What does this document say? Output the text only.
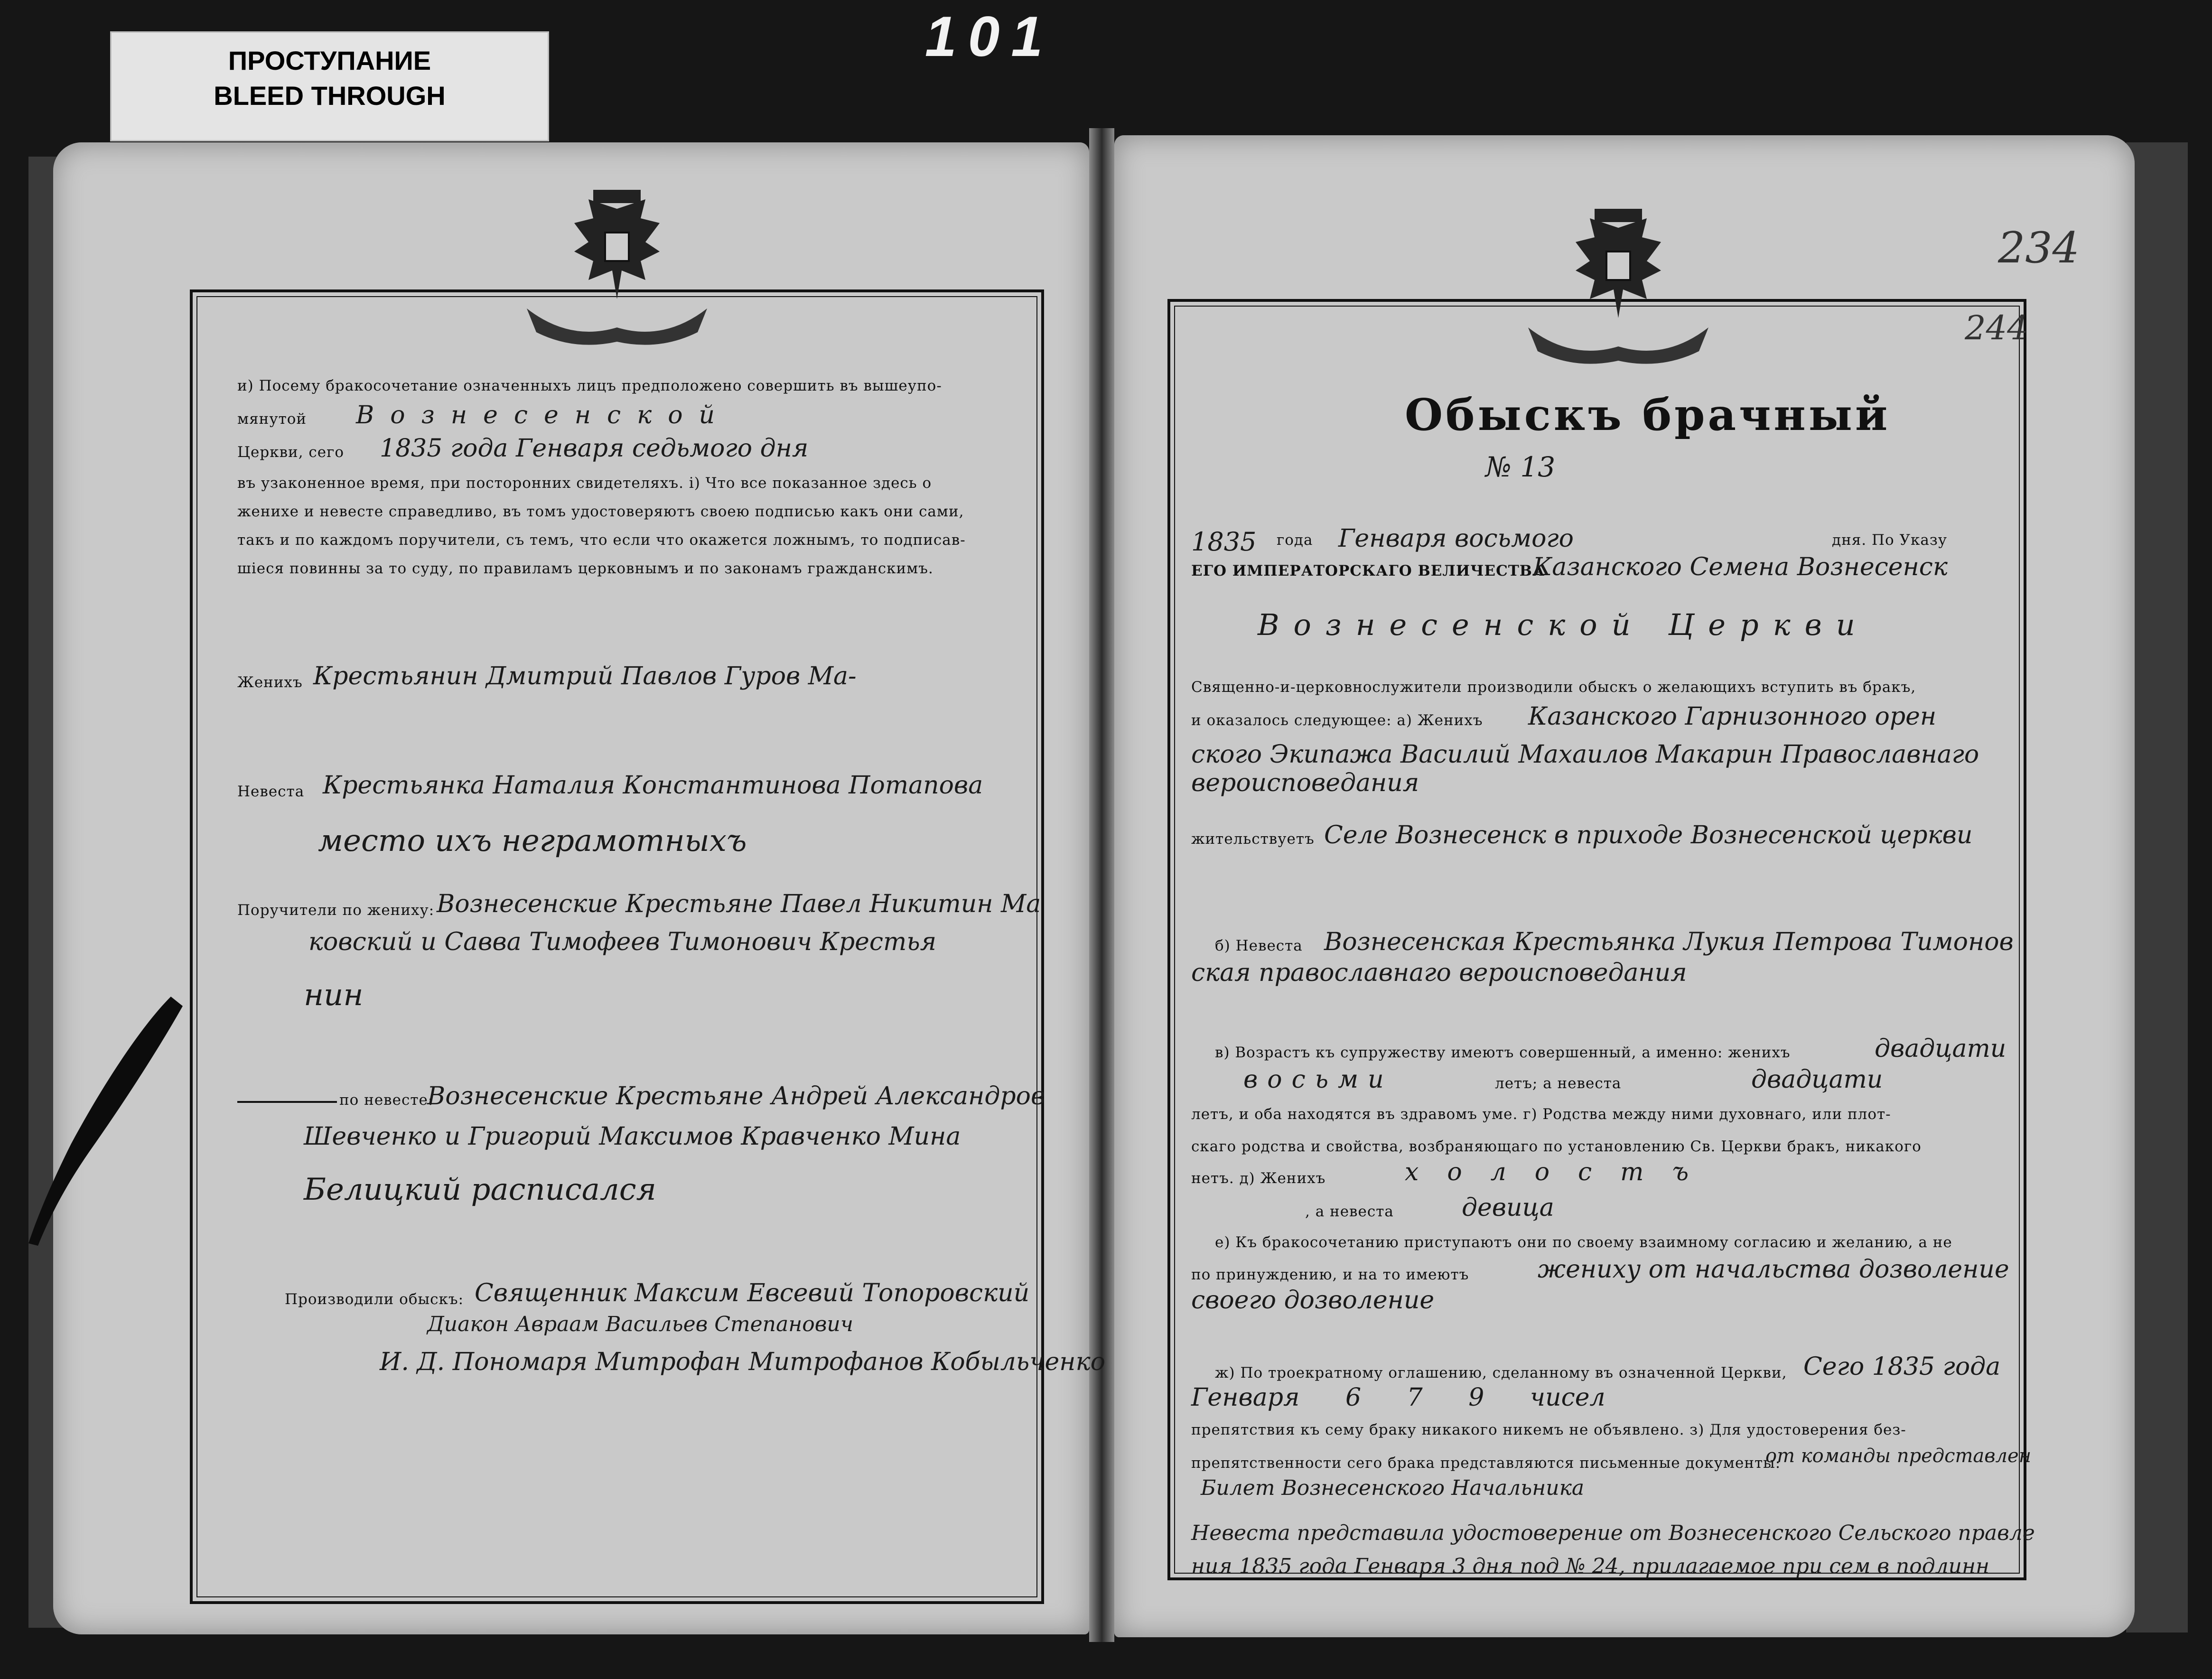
ПРОСТУПАНИЕ
BLEED THROUGH
101
234
244
Обыскъ брачный
№ 13
1835 года Генваря восьмого	дня. По Указу
ЕГО ИМПЕРАТОРСКАГО ВЕЛИЧЕСТВА
Казанского Семена Вознесенск
Вознесенской Церкви
Священно-и-церковнослужители производили обыскъ о желающихъ вступить въ бракъ,
и оказалось следующее: а) Женихъ Казанского Гарнизонного орен
ского Экипажа Василий Махаилов Макарин Православнаго
вероисповедания
жительствуетъ Селе Вознесенск в приходе Вознесенской церкви
б) Невеста Вознесенская Крестьянка Лукия Петрова Тимонов
ская православнаго вероисповедания
в) Возрастъ къ супружеству имеютъ совершенный, а именно: женихъ	двадцати
восьми	летъ; а невеста	двадцати
летъ, и оба находятся въ здравомъ уме. г) Родства между ними духовнаго, или плот-
скаго родства и свойства, возбраняющаго по установлению Св. Церкви бракъ, никакого
нетъ. д) Женихъ	холостъ
, а невеста	девица
е) Къ бракосочетанию приступаютъ они по своему взаимному согласию и желанию, а не
по принуждению, и на то имеютъ	жениху от начальства дозволение
своего дозволение
ж) По троекратному оглашению, сделанному въ означенной Церкви, Сего 1835 года
Генваря 6 7 9 чисел
препятствия къ сему браку никакого никемъ не объявлено. з) Для удостоверения без-
препятственности сего брака представляются письменные документы:
от команды представлен
Билет Вознесенского Начальника
Невеста представила удостоверение от Вознесенского Сельского правле
ния 1835 года Генваря 3 дня под № 24, прилагаемое при сем в подлинн
и) Посему бракосочетание означенныхъ лицъ предположено совершить въ вышеупо-
мянутой Вознесенской
Церкви, сего 1835 года Генваря седьмого дня
въ узаконенное время, при посторонних свидетеляхъ. i) Что все показанное здесь о
женихе и невесте справедливо, въ томъ удостоверяютъ своею подписью какъ они сами,
такъ и по каждомъ поручители, съ темъ, что если что окажется ложнымъ, то подписав-
шiеся повинны за то суду, по правиламъ церковнымъ и по законамъ гражданскимъ.
Женихъ Крестьянин Дмитрий Павлов Гуров Ма-
Невеста Крестьянка Наталия Константинова Потапова
место ихъ неграмотныхъ
Поручители по жениху: Вознесенские Крестьяне Павел Никитин Ма
ковский и Савва Тимофеев Тимонович Крестья
нин
по невесте:
Вознесенские Крестьяне Андрей Александров
Шевченко и Григорий Максимов Кравченко Мина
Белицкий расписался
Производили обыскъ: Священник Максим Евсевий Топоровский
Диакон Авраам Васильев Степанович
И. Д. Пономаря Митрофан Митрофанов Кобыльченко
